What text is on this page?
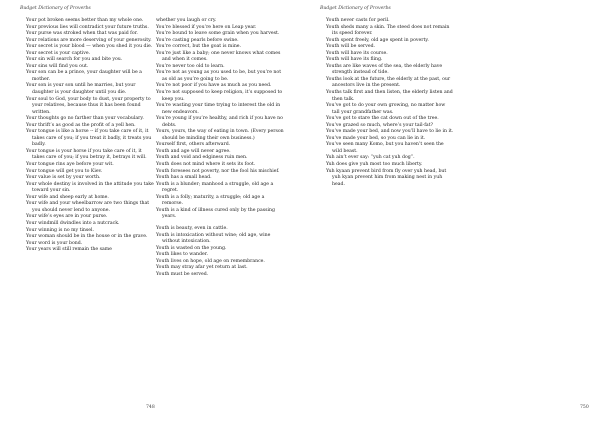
Budget Dictionary of Proverbs
Your pot broken seems better than my whole one.
Your previous lies will contradict your future truths.
Your purse was stroked when that was paid for.
Your relations are more deserving of your generosity.
Your secret is your blood — when you shed it you die.
Your secret is your captive.
Your sin will search for you and bite you.
Your sins will find you out.
Your son can be a prince, your daughter will be a mother.
Your son is your son until he marries, but your daughter is your daughter until you die.
Your soul to God, your body to dust, your property to your relatives, because thus it has been found written.
Your thoughts go no farther than your vocabulary.
Your thrift’s as good as the profit of a yell hen.
Your tongue is like a horse -- if you take care of it, it takes care of you; if you treat it badly, it treats you badly.
Your tongue is your horse if you take care of it, it takes care of you; if you betray it, betrays it will.
Your tongue rins aye before your wit.
Your tongue will get you to Kiev.
Your value is set by your worth.
Your whole destiny is involved in the attitude you take toward your sin.
Your wife and sheep early at home.
Your wife and your wheelbarrow are two things that you should never lend to anyone.
Your wife’s eyes are in your purse.
Your windmill dwindles into a nutcrack.
Your winning is no my tinsel.
Your woman should be in the house or in the grave.
Your word is your bond.
Your years will still remain the same
whether you laugh or cry.
You’re blessed if you’re here on Leap year.
You’re bound to leave some grain when you harvest.
You’re casting pearls before swine.
You’re correct, but the goat is mine.
You’re just like a baby; one never knows what comes and when it comes.
You’re never too old to learn.
You’re not as young as you used to be, but you’re not as old as you’re going to be.
You’re not poor if you have as much as you need.
You’re not supposed to keep religion, it’s supposed to keep you.
You’re wasting your time trying to interest the old in new endeavors.
You’re young if you’re healthy, and rich if you have no debts.
Yours, yours, the way of eating in town. (Every person should be minding their own business.)
Yourself first, others afterward.
Youth and age will never agree.
Youth and void and edginess ruin men.
Youth does not mind where it sets its foot.
Youth foresees not poverty, nor the fool his mischief.
Youth has a small head.
Youth is a blunder; manhood a struggle, old age a regret.
Youth is a folly; maturity, a struggle; old age a remorse.
Youth is a kind of illness cured only by the passing years.
Youth is beauty, even in cattle.
Youth is intoxication without wine; old age, wine without intoxication.
Youth is wasted on the young.
Youth likes to wander.
Youth lives on hope, old age on remembrance.
Youth may stray afar yet return at last.
Youth must be served.
748
Budget Dictionary of Proverbs
Youth never casts for peril.
Youth sheds many a skin. The steed does not remain its speed forever.
Youth spent freely, old age spent in poverty.
Youth will be served.
Youth will have its course.
Youth will have its fling.
Youths are like waves of the sea, the elderly have strength instead of tide.
Youths look at the future, the elderly at the past, our ancestors live in the present.
Youths talk first and then listen, the elderly listen and then talk.
You’ve got to do your own growing, no matter how tall your grandfather was.
You’ve got to stare the cat down out of the tree.
You’ve grazed so much, where’s your tail-fat?
You’ve made your bed, and now you’ll have to lie in it.
You’ve made your bed, so you can lie in it.
You’ve seen many Komo, but you haven’t seen the wild beast.
Yuh ain’t ever say: “yuh cat yuh dog”.
Yuh does give yuh most too much liberty.
Yuh kyaan prevent bird from fly over yuh head, but yuh kyan prevent him from making nest in yuh head.
750
